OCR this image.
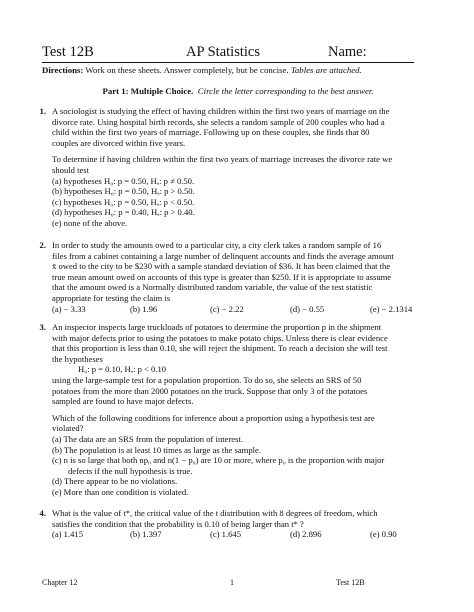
Test 12B	AP Statistics	Name:
Directions: Work on these sheets. Answer completely, but be concise. Tables are attached.
Part 1: Multiple Choice. Circle the letter corresponding to the best answer.
1. A sociologist is studying the effect of having children within the first two years of marriage on the
divorce rate. Using hospital birth records, she selects a random sample of 200 couples who had a
child within the first two years of marriage. Following up on these couples, she finds that 80
couples are divorced within five years.
To determine if having children within the first two years of marriage increases the divorce rate we
should test
(a) hypotheses H₀: p = 0.50, Hₐ: p ≠ 0.50.
(b) hypotheses H₀: p = 0.50, Hₐ: p > 0.50.
(c) hypotheses H₀: p = 0.50, Hₐ: p < 0.50.
(d) hypotheses H₀: p = 0.40, Hₐ: p > 0.40.
(e) none of the above.
2. In order to study the amounts owed to a particular city, a city clerk takes a random sample of 16
files from a cabinet containing a large number of delinquent accounts and finds the average amount
x̄ owed to the city to be $230 with a sample standard deviation of $36. It has been claimed that the
true mean amount owed on accounts of this type is greater than $250. If it is appropriate to assume
that the amount owed is a Normally distributed random variable, the value of the test statistic
appropriate for testing the claim is
(a) − 3.33	(b) 1.96	(c) − 2.22	(d) − 0.55	(e) − 2.1314
3. An inspector inspects large truckloads of potatoes to determine the proportion p in the shipment
with major defects prior to using the potatoes to make potato chips. Unless there is clear evidence
that this proportion is less than 0.10, she will reject the shipment. To reach a decision she will test
the hypotheses
H₀: p = 0.10, Hₐ: p < 0.10
using the large-sample test for a population proportion. To do so, she selects an SRS of 50
potatoes from the more than 2000 potatoes on the truck. Suppose that only 3 of the potatoes
sampled are found to have major defects.
Which of the following conditions for inference about a proportion using a hypothesis test are
violated?
(a) The data are an SRS from the population of interest.
(b) The population is at least 10 times as large as the sample.
(c) n is so large that both np₀ and n(1 − p₀) are 10 or more, where p₀ is the proportion with major
defects if the null hypothesis is true.
(d) There appear to be no violations.
(e) More than one condition is violated.
4. What is the value of t*, the critical value of the t distribution with 8 degrees of freedom, which
satisfies the condition that the probability is 0.10 of being larger than t* ?
(a) 1.415	(b) 1.397	(c) 1.645	(d) 2.896	(e) 0.90
Chapter 12	1	Test 12B
